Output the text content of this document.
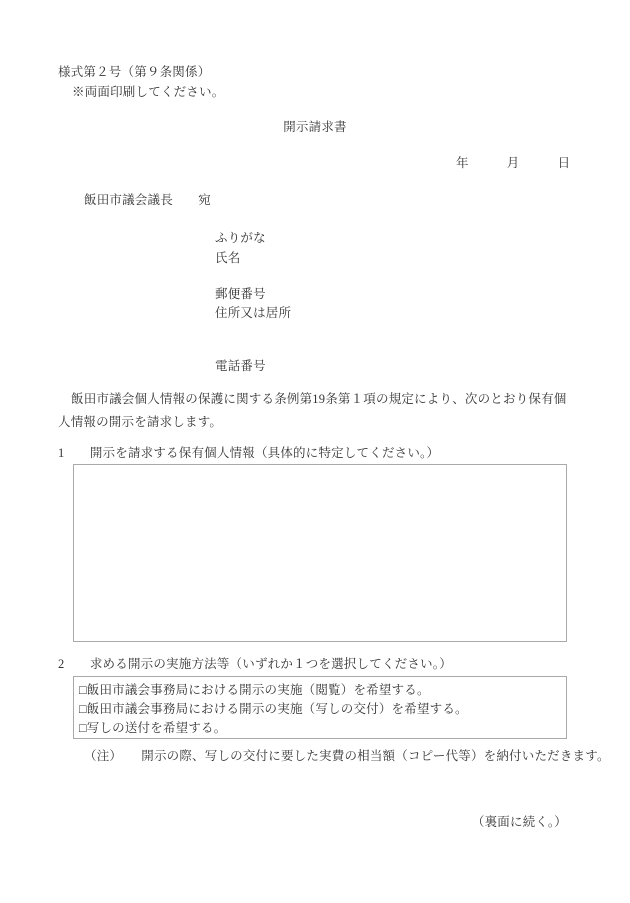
様式第２号（第９条関係）
※両面印刷してください。
開示請求書
年　　　月　　　日
飯田市議会議長　　宛
ふりがな
氏名
郵便番号
住所又は居所
電話番号
飯田市議会個人情報の保護に関する条例第19条第１項の規定により、次のとおり保有個人情報の開示を請求します。
1　　開示を請求する保有個人情報（具体的に特定してください。）
2　　求める開示の実施方法等（いずれか１つを選択してください。）
□飯田市議会事務局における開示の実施（閲覧）を希望する。
□飯田市議会事務局における開示の実施（写しの交付）を希望する。
□写しの送付を希望する。
（注）　　開示の際、写しの交付に要した実費の相当額（コピー代等）を納付いただきます。
（裏面に続く。）
